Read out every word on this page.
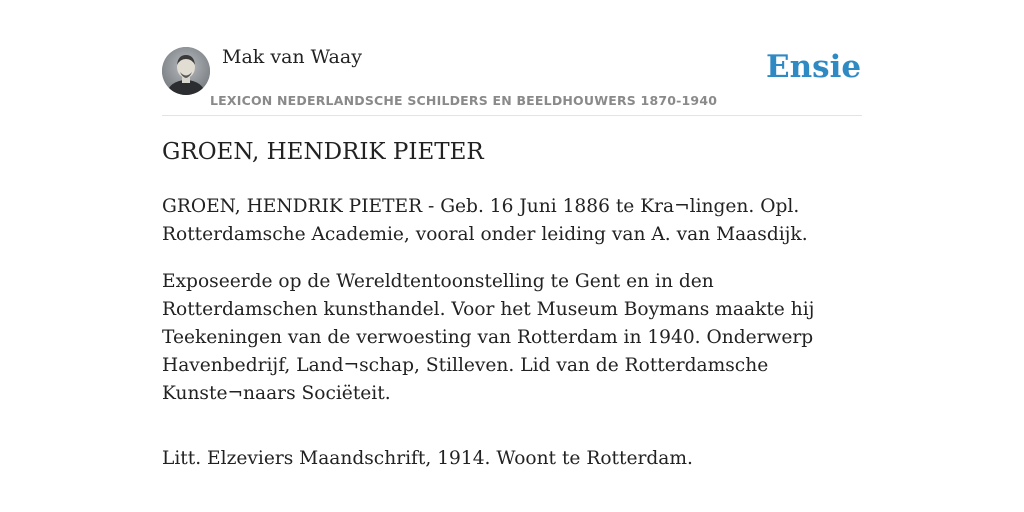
Mak van Waay
LEXICON NEDERLANDSCHE SCHILDERS EN BEELDHOUWERS 1870-1940
Ensie
GROEN, HENDRIK PIETER

GROEN, HENDRIK PIETER - Geb. 16 Juni 1886 te Kra¬lingen. Opl. Rotterdamsche Academie, vooral onder leiding van A. van Maasdijk.

Exposeerde op de Wereldtentoonstelling te Gent en in den Rotterdamschen kunsthandel. Voor het Museum Boymans maakte hij Teekeningen van de verwoesting van Rotterdam in 1940. Onderwerp Havenbedrijf, Land¬schap, Stilleven. Lid van de Rotterdamsche Kunste¬naars Sociëteit.

Litt. Elzeviers Maandschrift, 1914. Woont te Rotterdam.
